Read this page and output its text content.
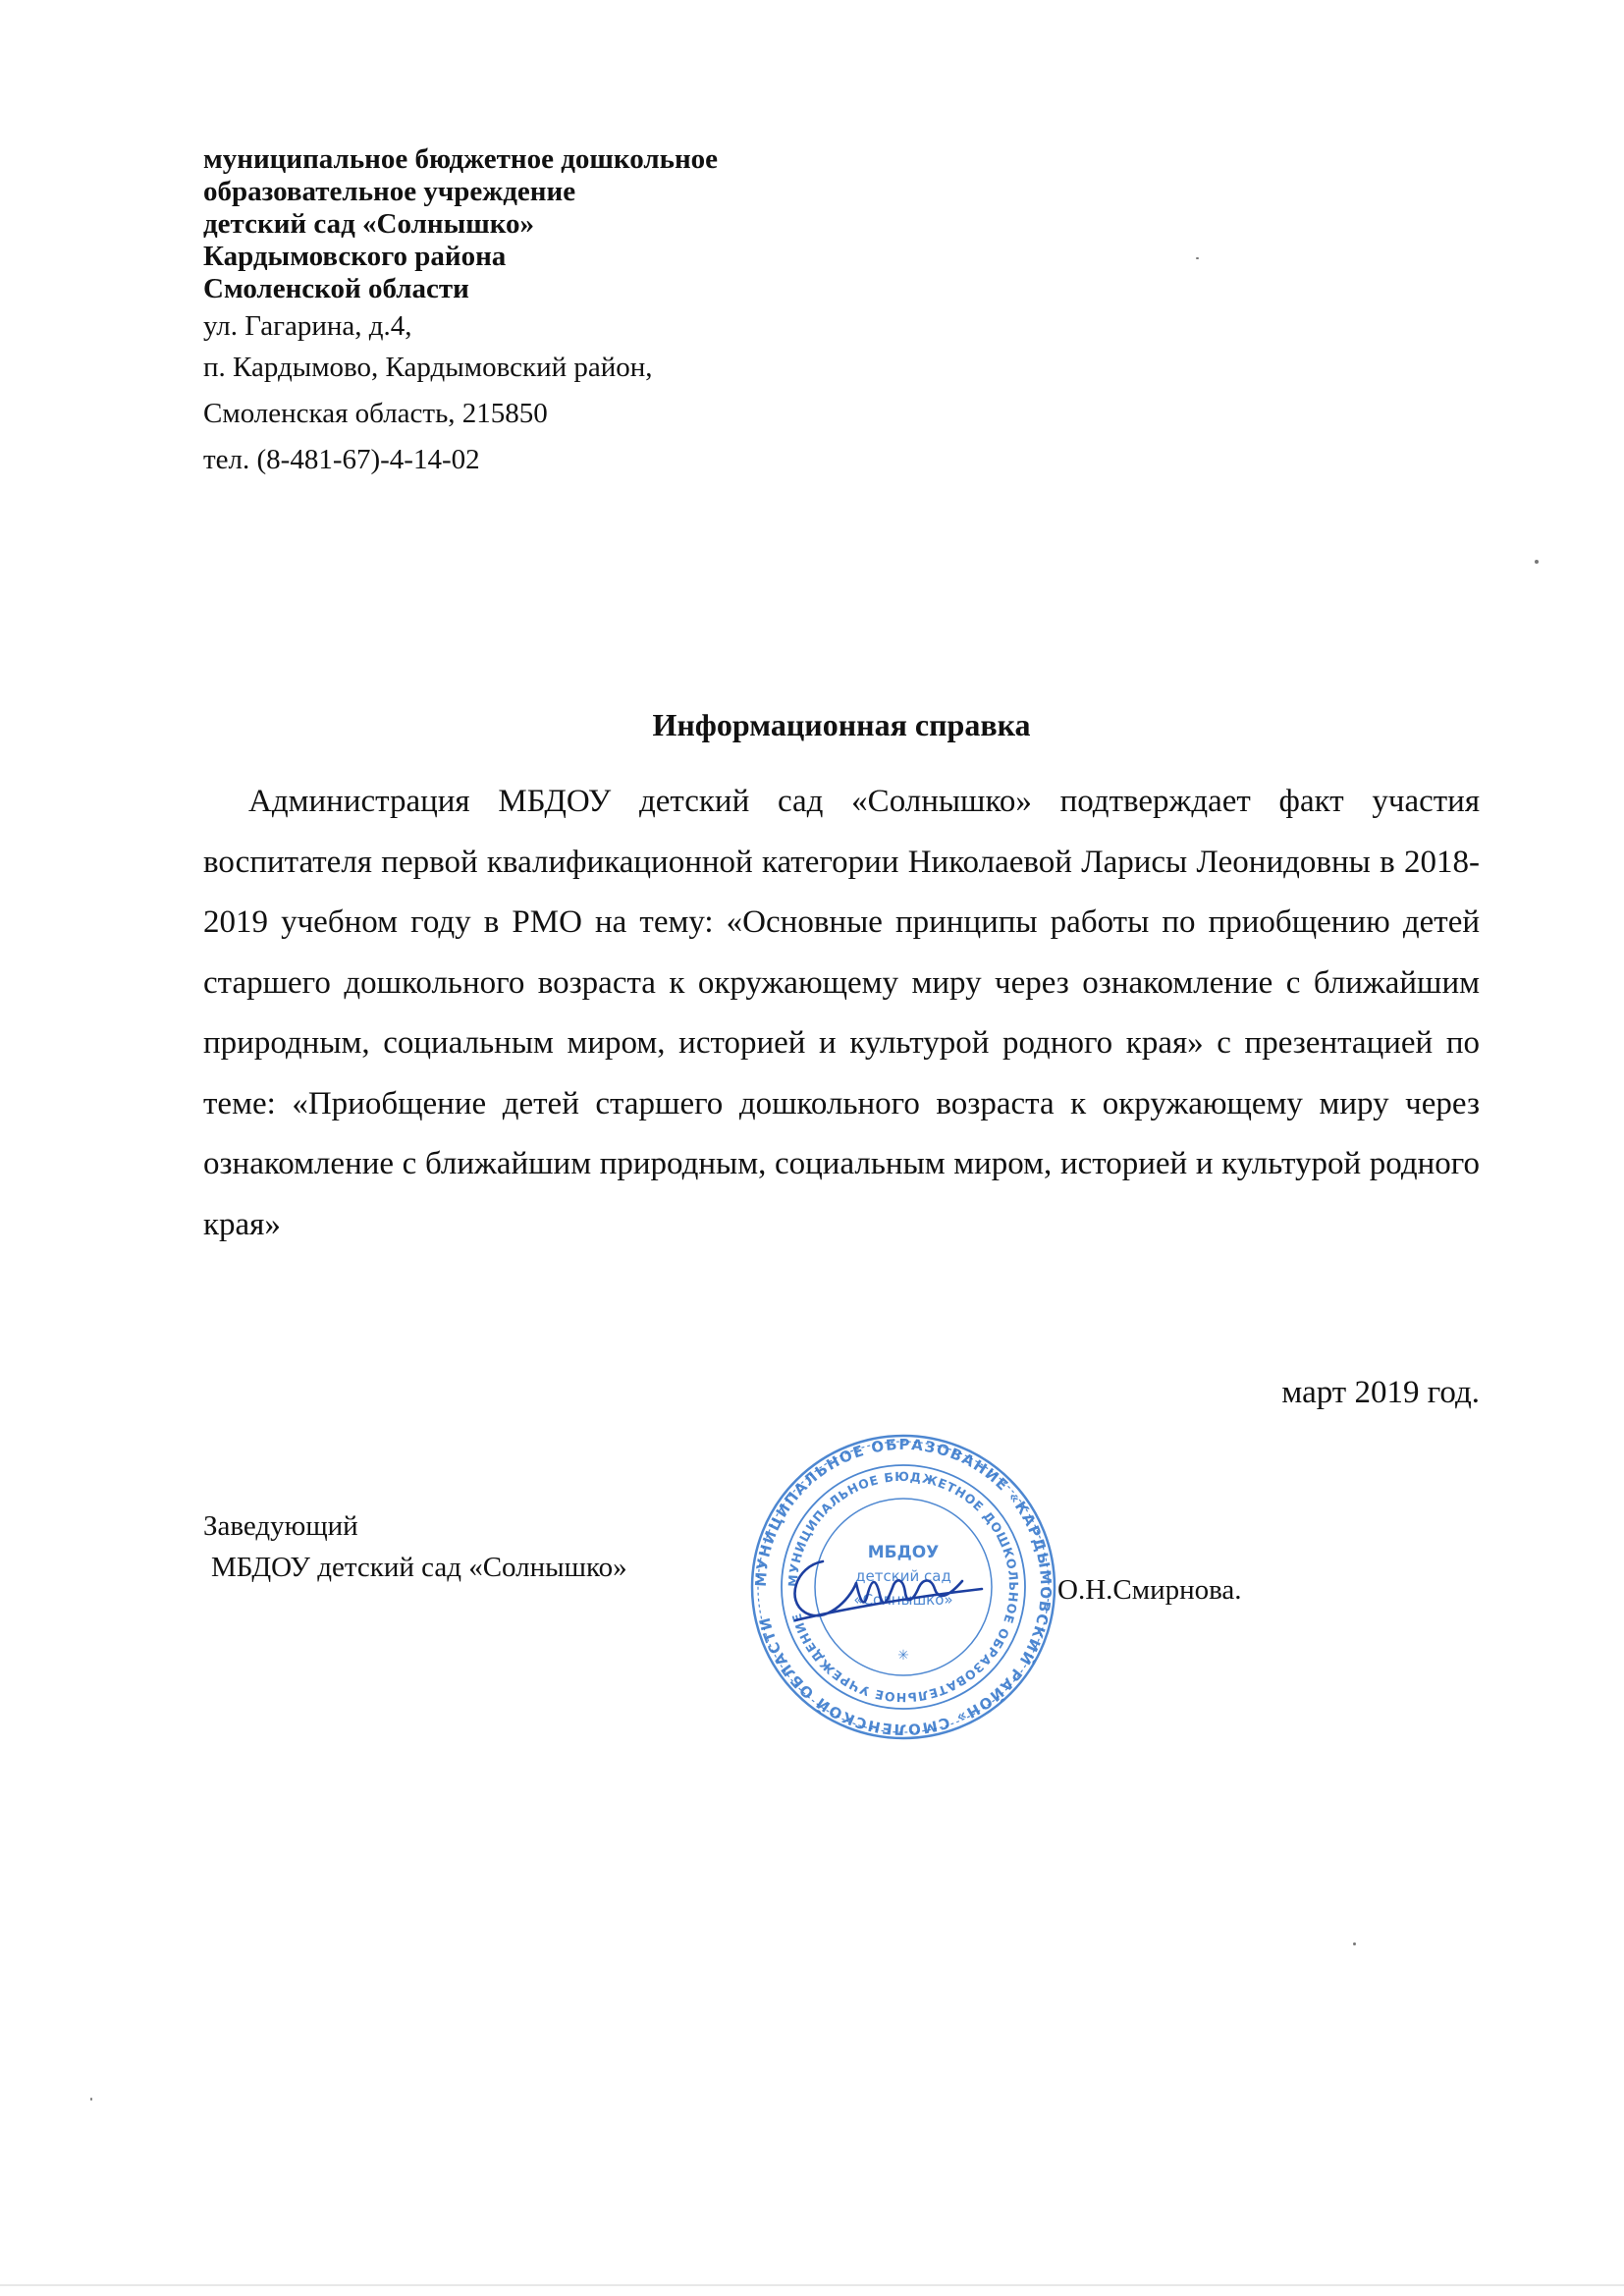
муниципальное бюджетное дошкольное
образовательное учреждение
детский сад «Солнышко»
Кардымовского района
Смоленской области
ул. Гагарина, д.4,
п. Кардымово, Кардымовский район,
Смоленская область, 215850
тел. (8-481-67)-4-14-02
Информационная справка
Администрация МБДОУ детский сад «Солнышко» подтверждает факт участия воспитателя первой квалификационной категории Николаевой Ларисы Леонидовны в 2018-2019 учебном году в РМО на тему: «Основные принципы работы по приобщению детей старшего дошкольного возраста к окружающему миру через ознакомление с ближайшим природным, социальным миром, историей и культурой родного края» с презентацией по теме: «Приобщение детей старшего дошкольного возраста к окружающему миру через ознакомление с ближайшим природным, социальным миром, историей и культурой родного края»
март 2019 год.
Заведующий
МБДОУ детский сад «Солнышко»
О.Н.Смирнова.
МУНИЦИПАЛЬНОЕ ОБРАЗОВАНИЕ «КАРДЫМОВСКИЙ РАЙОН» СМОЛЕНСКОЙ ОБЛАСТИ
МУНИЦИПАЛЬНОЕ БЮДЖЕТНОЕ ДОШКОЛЬНОЕ ОБРАЗОВАТЕЛЬНОЕ УЧРЕЖДЕНИЕ
МБДОУ
детский сад
«Солнышко»
✳
